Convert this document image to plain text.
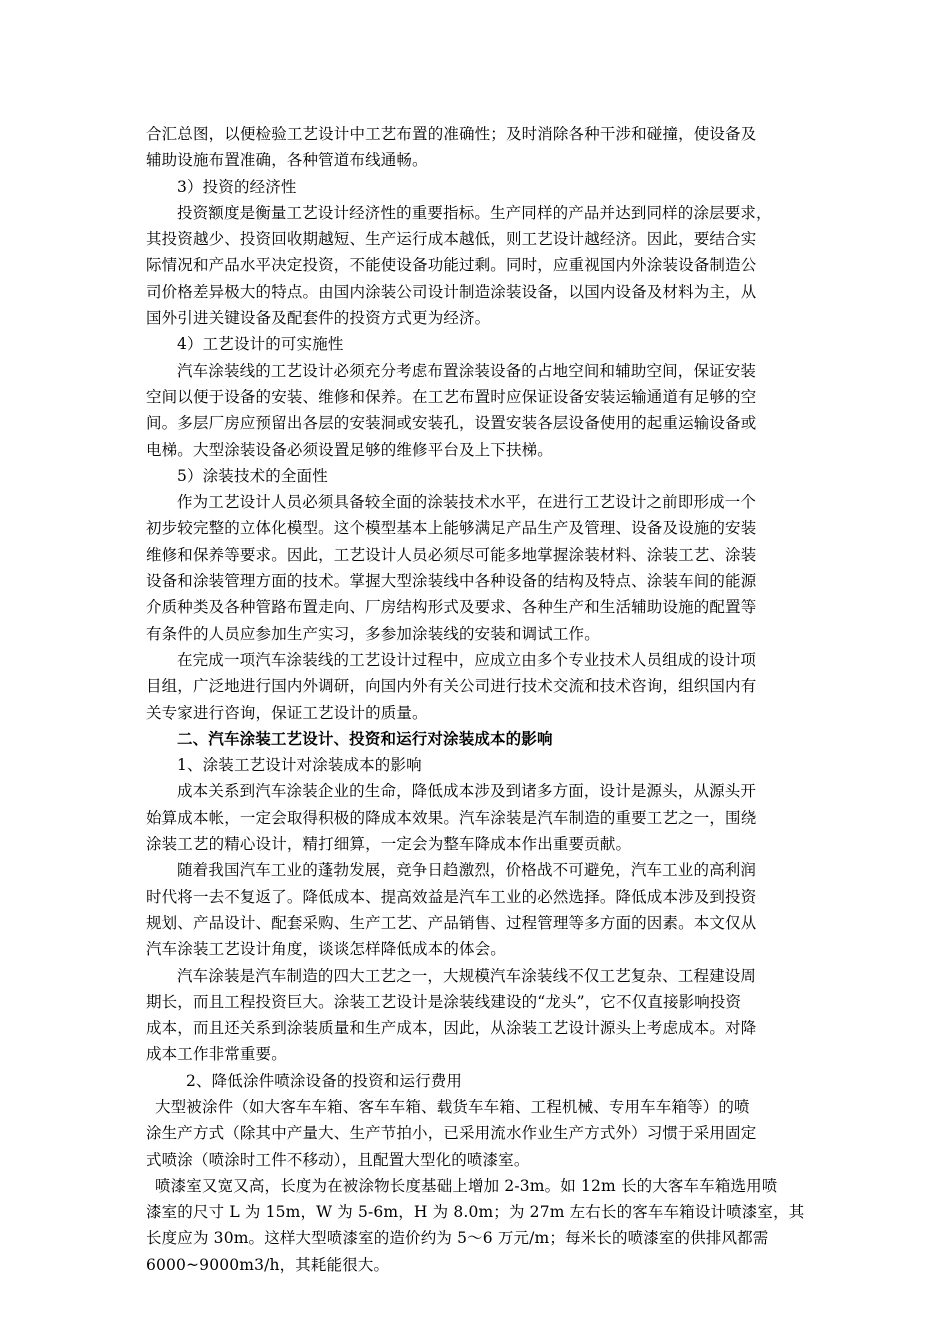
合汇总图，以便检验工艺设计中工艺布置的准确性；及时消除各种干涉和碰撞，使设备及
辅助设施布置准确，各种管道布线通畅。
3）投资的经济性
投资额度是衡量工艺设计经济性的重要指标。生产同样的产品并达到同样的涂层要求，
其投资越少、投资回收期越短、生产运行成本越低，则工艺设计越经济。因此，要结合实
际情况和产品水平决定投资，不能使设备功能过剩。同时，应重视国内外涂装设备制造公
司价格差异极大的特点。由国内涂装公司设计制造涂装设备，以国内设备及材料为主，从
国外引进关键设备及配套件的投资方式更为经济。
4）工艺设计的可实施性
汽车涂装线的工艺设计必须充分考虑布置涂装设备的占地空间和辅助空间，保证安装
空间以便于设备的安装、维修和保养。在工艺布置时应保证设备安装运输通道有足够的空
间。多层厂房应预留出各层的安装洞或安装孔，设置安装各层设备使用的起重运输设备或
电梯。大型涂装设备必须设置足够的维修平台及上下扶梯。
5）涂装技术的全面性
作为工艺设计人员必须具备较全面的涂装技术水平，在进行工艺设计之前即形成一个
初步较完整的立体化模型。这个模型基本上能够满足产品生产及管理、设备及设施的安装
维修和保养等要求。因此，工艺设计人员必须尽可能多地掌握涂装材料、涂装工艺、涂装
设备和涂装管理方面的技术。掌握大型涂装线中各种设备的结构及特点、涂装车间的能源
介质种类及各种管路布置走向、厂房结构形式及要求、各种生产和生活辅助设施的配置等
有条件的人员应参加生产实习，多参加涂装线的安装和调试工作。
在完成一项汽车涂装线的工艺设计过程中，应成立由多个专业技术人员组成的设计项
目组，广泛地进行国内外调研，向国内外有关公司进行技术交流和技术咨询，组织国内有
关专家进行咨询，保证工艺设计的质量。
二、汽车涂装工艺设计、投资和运行对涂装成本的影响
1、涂装工艺设计对涂装成本的影响
成本关系到汽车涂装企业的生命，降低成本涉及到诸多方面，设计是源头，从源头开
始算成本帐，一定会取得积极的降成本效果。汽车涂装是汽车制造的重要工艺之一，围绕
涂装工艺的精心设计，精打细算，一定会为整车降成本作出重要贡献。
随着我国汽车工业的蓬勃发展，竞争日趋激烈，价格战不可避免，汽车工业的高利润
时代将一去不复返了。降低成本、提高效益是汽车工业的必然选择。降低成本涉及到投资
规划、产品设计、配套采购、生产工艺、产品销售、过程管理等多方面的因素。本文仅从
汽车涂装工艺设计角度，谈谈怎样降低成本的体会。
汽车涂装是汽车制造的四大工艺之一，大规模汽车涂装线不仅工艺复杂、工程建设周
期长，而且工程投资巨大。涂装工艺设计是涂装线建设的“龙头”，它不仅直接影响投资
成本，而且还关系到涂装质量和生产成本，因此，从涂装工艺设计源头上考虑成本。对降
成本工作非常重要。
2、降低涂件喷涂设备的投资和运行费用
大型被涂件（如大客车车箱、客车车箱、载货车车箱、工程机械、专用车车箱等）的喷
涂生产方式（除其中产量大、生产节拍小，已采用流水作业生产方式外）习惯于采用固定
式喷涂（喷涂时工件不移动），且配置大型化的喷漆室。
喷漆室又宽又高，长度为在被涂物长度基础上增加 2-3m。如 12m 长的大客车车箱选用喷
漆室的尺寸 L 为 15m，W 为 5-6m，H 为 8.0m；为 27m 左右长的客车车箱设计喷漆室，其
长度应为 30m。这样大型喷漆室的造价约为 5～6 万元/m；每米长的喷漆室的供排风都需
6000~9000m3/h，其耗能很大。
